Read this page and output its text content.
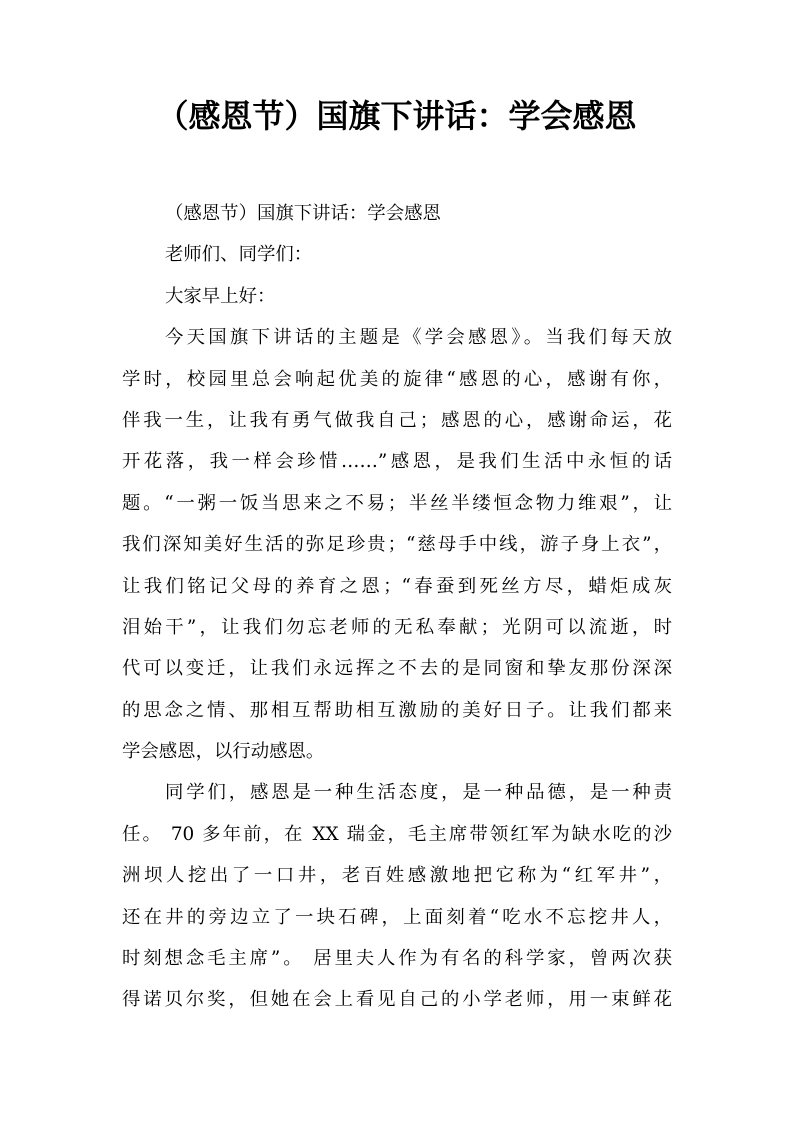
（感恩节）国旗下讲话：学会感恩
（感恩节）国旗下讲话：学会感恩
老师们、同学们：
大家早上好：
今天国旗下讲话的主题是《学会感恩》。当我们每天放
学时，校园里总会响起优美的旋律“感恩的心，感谢有你，
伴我一生，让我有勇气做我自己；感恩的心，感谢命运，花
开花落，我一样会珍惜……”感恩，是我们生活中永恒的话
题。“一粥一饭当思来之不易；半丝半缕恒念物力维艰”，让
我们深知美好生活的弥足珍贵；“慈母手中线，游子身上衣”，
让我们铭记父母的养育之恩；“春蚕到死丝方尽，蜡炬成灰
泪始干”，让我们勿忘老师的无私奉献；光阴可以流逝，时
代可以变迁，让我们永远挥之不去的是同窗和挚友那份深深
的思念之情、那相互帮助相互激励的美好日子。让我们都来
学会感恩，以行动感恩。
同学们，感恩是一种生活态度，是一种品德，是一种责
任。 70 多年前，在 XX 瑞金，毛主席带领红军为缺水吃的沙
洲坝人挖出了一口井，老百姓感激地把它称为“红军井”，
还在井的旁边立了一块石碑，上面刻着“吃水不忘挖井人，
时刻想念毛主席”。 居里夫人作为有名的科学家，曾两次获
得诺贝尔奖，但她在会上看见自己的小学老师，用一束鲜花
